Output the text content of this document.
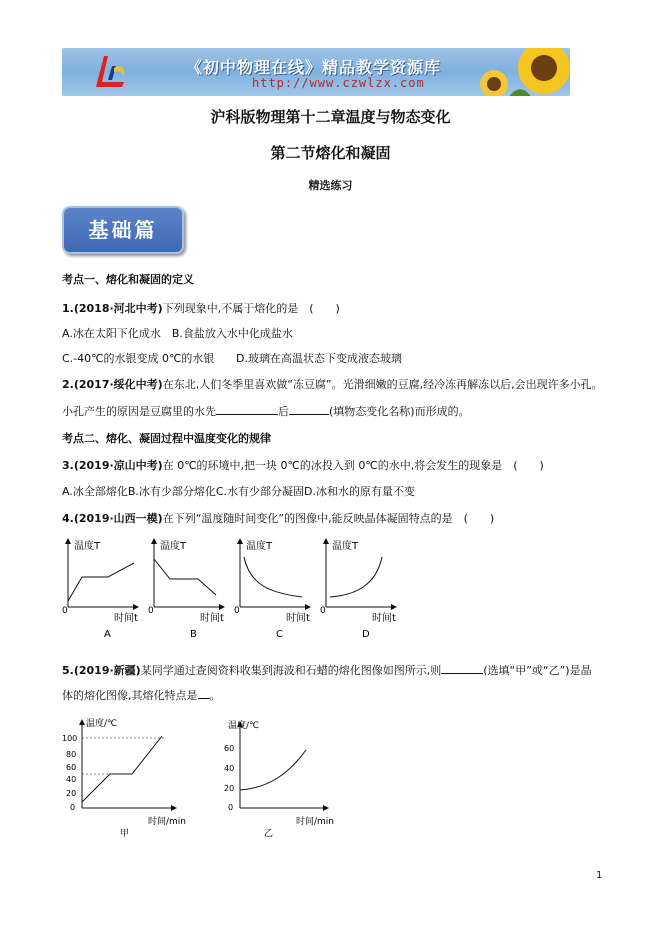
《初中物理在线》精品教学资源库
http://www.czwlzx.com
沪科版物理第十二章温度与物态变化
第二节熔化和凝固
精选练习
基础篇
考点一、熔化和凝固的定义
1.(2018·河北中考)下列现象中,不属于熔化的是　(　　)
A.冰在太阳下化成水　B.食盐放入水中化成盐水
C.-40℃的水银变成 0℃的水银 D.玻璃在高温状态下变成液态玻璃
2.(2017·绥化中考)在东北,人们冬季里喜欢做“冻豆腐”。光滑细嫩的豆腐,经冷冻再解冻以后,会出现许多小孔。
小孔产生的原因是豆腐里的水先	后	(填物态变化名称)而形成的。
考点二、熔化、凝固过程中温度变化的规律
3.(2019·凉山中考)在 0℃的环境中,把一块 0℃的冰投入到 0℃的水中,将会发生的现象是　(　　)
A.冰全部熔化B.冰有少部分熔化C.水有少部分凝固D.冰和水的原有量不变
4.(2019·山西一模)在下列“温度随时间变化”的图像中,能反映晶体凝固特点的是　(　　)
温度T
0
时间t
A
温度T
0
时间t
B
温度T
0
时间t
C
温度T
0
时间t
D
5.(2019·新疆)某同学通过查阅资料收集到海波和石蜡的熔化图像如图所示,则	(选填“甲”或“乙”)是晶
体的熔化图像,其熔化特点是 。
温度/℃
100
80
60
40
20
0
时间/min
甲
温度/℃
60
40
20
0
时间/min
乙
1
